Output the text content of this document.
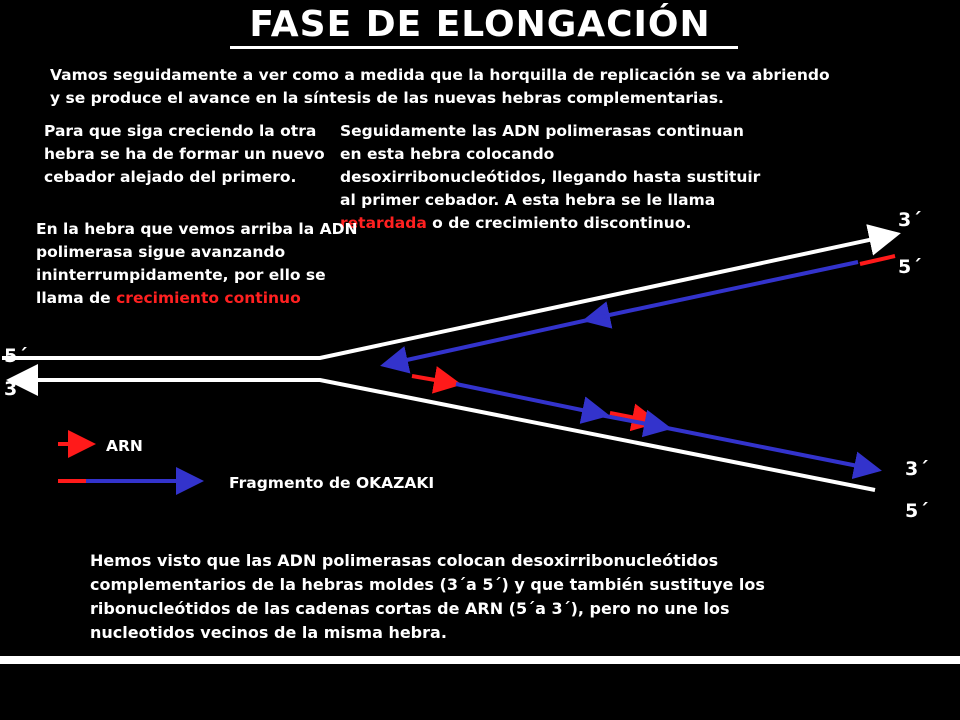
FASE DE ELONGACIÓN
Vamos seguidamente a ver como a medida que la horquilla de replicación se va abriendo y se produce el avance en la síntesis de las nuevas hebras complementarias.
Para que siga creciendo la otra hebra se ha de formar un nuevo cebador alejado del primero.
Seguidamente las ADN polimerasas continuan en esta hebra colocando desoxirribonucleótidos, llegando hasta sustituir al primer cebador. A esta hebra se le llama retardada o de crecimiento discontinuo.
En la hebra que vemos arriba la ADN polimerasa sigue avanzando ininterrumpidamente, por ello se llama de crecimiento continuo
5´
3´
3´
5´
3´
5´
ARN
Fragmento de OKAZAKI
Hemos visto que las ADN polimerasas colocan desoxirribonucleótidos complementarios de la hebras moldes (3´a 5´) y que también sustituye los ribonucleótidos de las cadenas cortas de ARN (5´a 3´), pero no une los nucleotidos vecinos de la misma hebra.
